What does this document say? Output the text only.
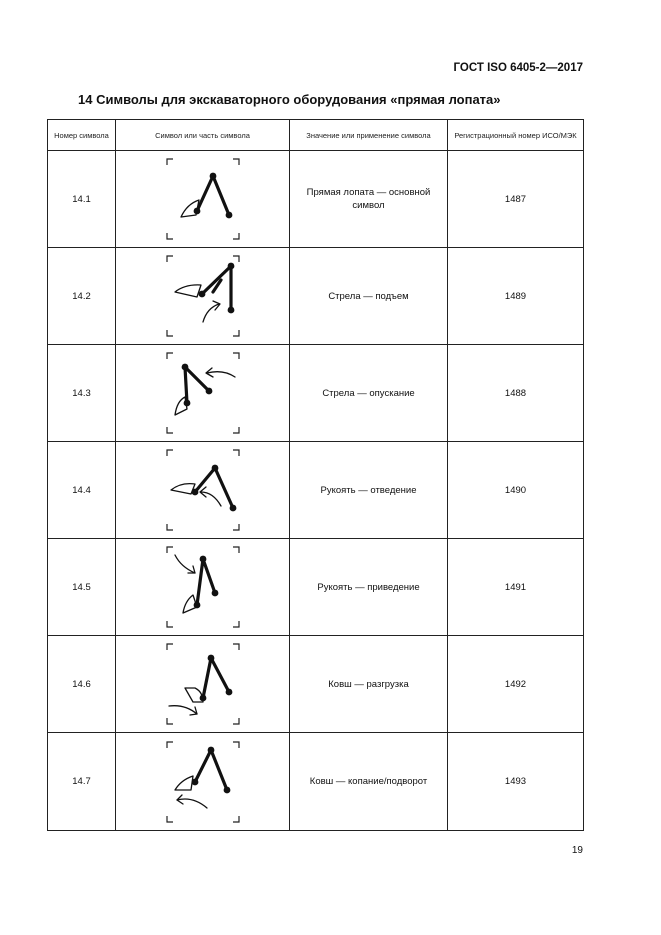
ГОСТ ISO 6405-2—2017
14 Символы для экскаваторного оборудования «прямая лопата»
Номер символа	Символ или часть символа	Значение или применение символа	Регистрационный номер ИСО/МЭК
14.1		Прямая лопата — основной символ	1487
14.2		Стрела — подъем	1489
14.3		Стрела — опускание	1488
14.4		Рукоять — отведение	1490
14.5		Рукоять — приведение	1491
14.6		Ковш — разгрузка	1492
14.7		Ковш — копание/подворот	1493
19
